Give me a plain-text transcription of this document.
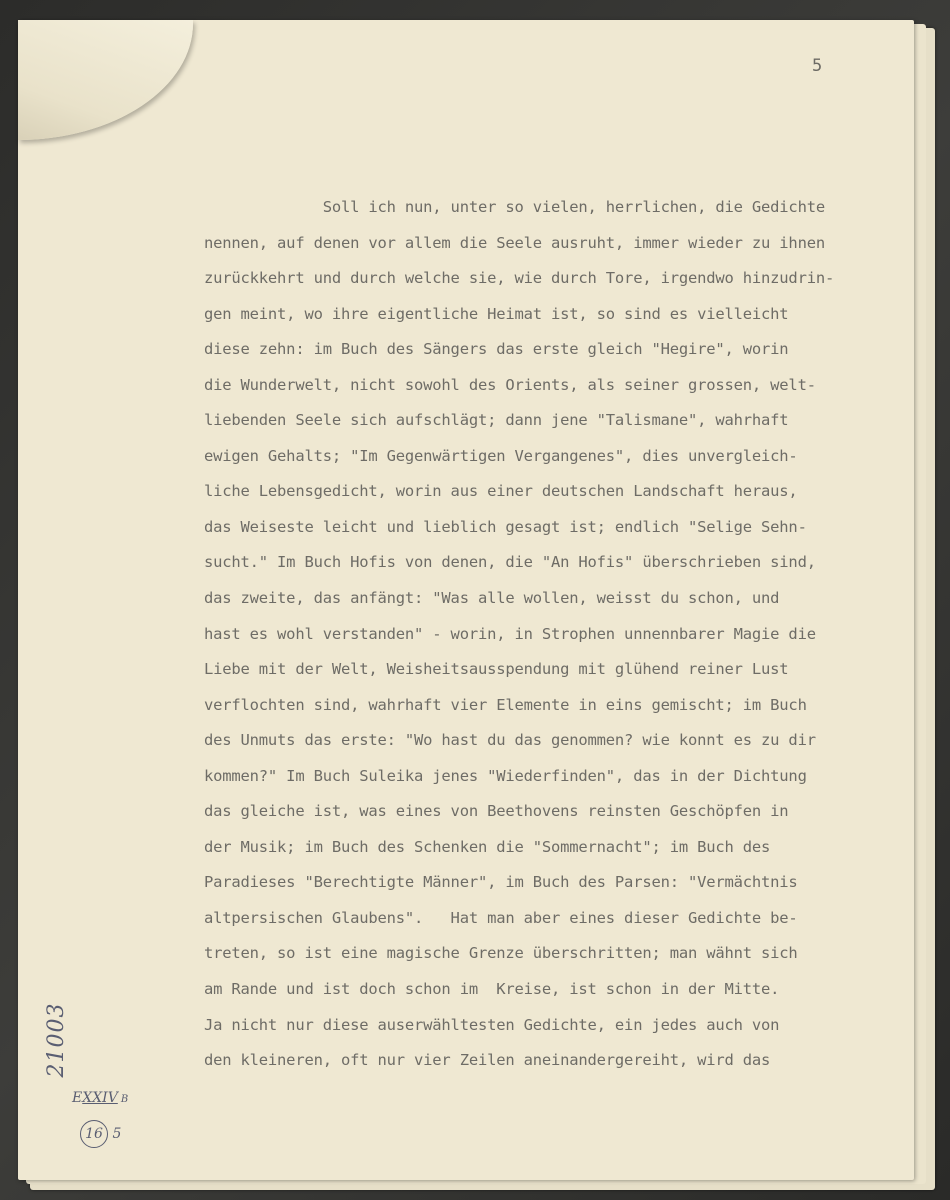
5
Soll ich nun, unter so vielen, herrlichen, die Gedichte
nennen, auf denen vor allem die Seele ausruht, immer wieder zu ihnen
zurückkehrt und durch welche sie, wie durch Tore, irgendwo hinzudrin-
gen meint, wo ihre eigentliche Heimat ist, so sind es vielleicht
diese zehn: im Buch des Sängers das erste gleich "Hegire", worin
die Wunderwelt, nicht sowohl des Orients, als seiner grossen, welt-
liebenden Seele sich aufschlägt; dann jene "Talismane", wahrhaft
ewigen Gehalts; "Im Gegenwärtigen Vergangenes", dies unvergleich-
liche Lebensgedicht, worin aus einer deutschen Landschaft heraus,
das Weiseste leicht und lieblich gesagt ist; endlich "Selige Sehn-
sucht." Im Buch Hofis von denen, die "An Hofis" überschrieben sind,
das zweite, das anfängt: "Was alle wollen, weisst du schon, und
hast es wohl verstanden" - worin, in Strophen unnennbarer Magie die
Liebe mit der Welt, Weisheitsausspendung mit glühend reiner Lust
verflochten sind, wahrhaft vier Elemente in eins gemischt; im Buch
des Unmuts das erste: "Wo hast du das genommen? wie konnt es zu dir
kommen?" Im Buch Suleika jenes "Wiederfinden", das in der Dichtung
das gleiche ist, was eines von Beethovens reinsten Geschöpfen in
der Musik; im Buch des Schenken die "Sommernacht"; im Buch des
Paradieses "Berechtigte Männer", im Buch des Parsen: "Vermächtnis
altpersischen Glaubens".   Hat man aber eines dieser Gedichte be-
treten, so ist eine magische Grenze überschritten; man wähnt sich
am Rande und ist doch schon im  Kreise, ist schon in der Mitte.
Ja nicht nur diese auserwähltesten Gedichte, ein jedes auch von
den kleineren, oft nur vier Zeilen aneinandergereiht, wird das
21003
EXXIV B
16 5
